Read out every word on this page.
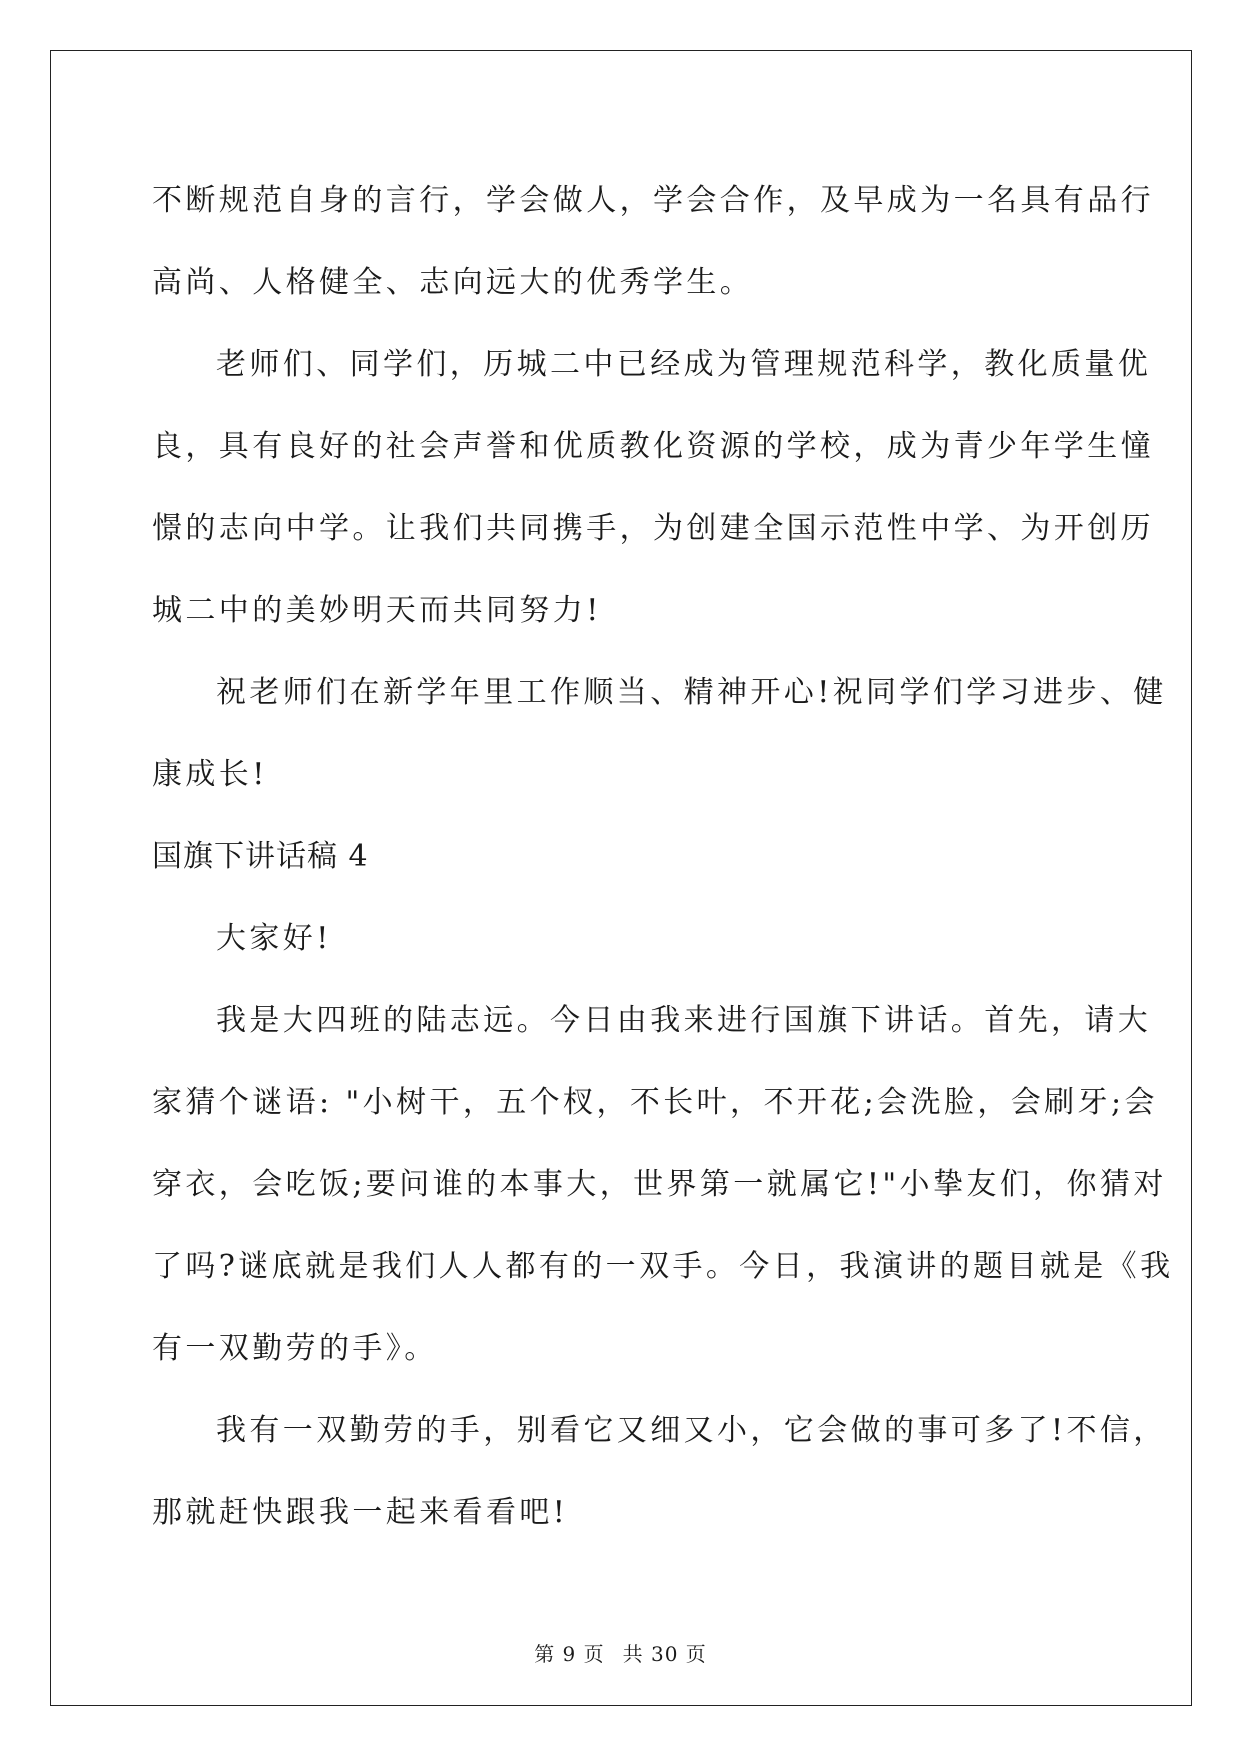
不断规范自身的言行，学会做人，学会合作，及早成为一名具有品行
高尚、人格健全、志向远大的优秀学生。
老师们、同学们，历城二中已经成为管理规范科学，教化质量优
良，具有良好的社会声誉和优质教化资源的学校，成为青少年学生憧
憬的志向中学。让我们共同携手，为创建全国示范性中学、为开创历
城二中的美妙明天而共同努力!
祝老师们在新学年里工作顺当、精神开心!祝同学们学习进步、健
康成长!
国旗下讲话稿 4
大家好!
我是大四班的陆志远。今日由我来进行国旗下讲话。首先，请大
家猜个谜语: "小树干，五个杈，不长叶，不开花;会洗脸，会刷牙;会
穿衣，会吃饭;要问谁的本事大，世界第一就属它!"小挚友们，你猜对
了吗?谜底就是我们人人都有的一双手。今日，我演讲的题目就是《我
有一双勤劳的手》。
我有一双勤劳的手，别看它又细又小，它会做的事可多了!不信，
那就赶快跟我一起来看看吧!
第 9 页 共 30 页
